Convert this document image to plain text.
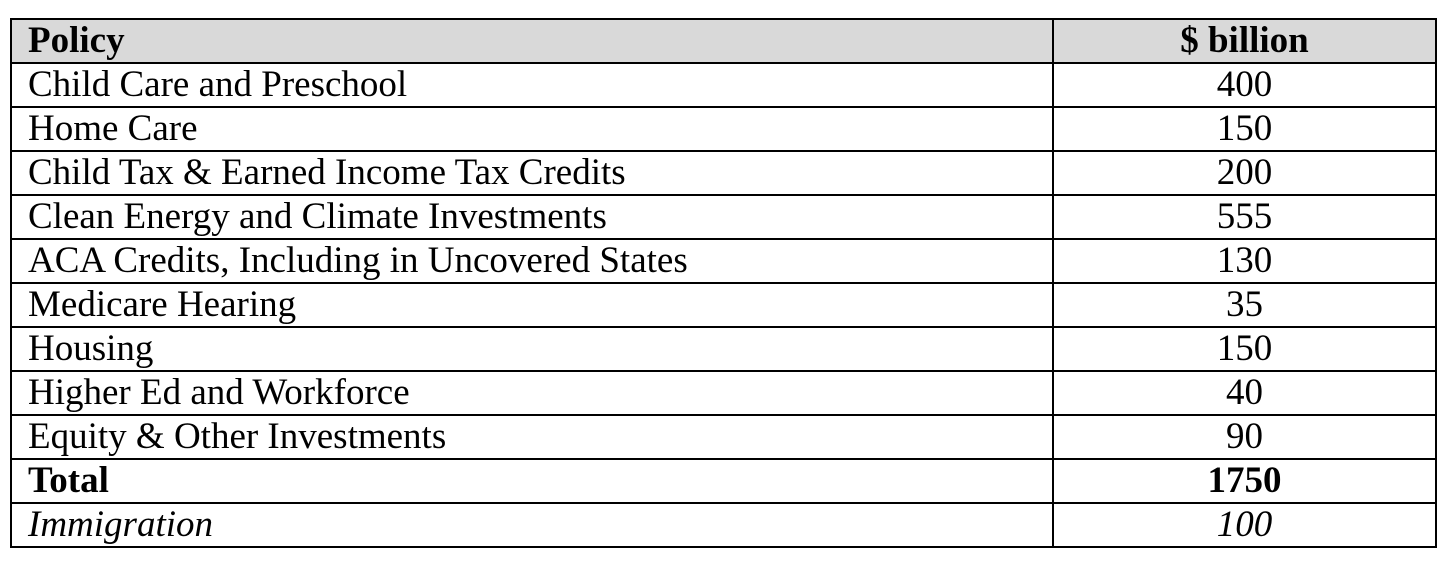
Policy	$ billion
Child Care and Preschool	400
Home Care	150
Child Tax & Earned Income Tax Credits	200
Clean Energy and Climate Investments	555
ACA Credits, Including in Uncovered States	130
Medicare Hearing	35
Housing	150
Higher Ed and Workforce	40
Equity & Other Investments	90
Total	1750
Immigration	100
